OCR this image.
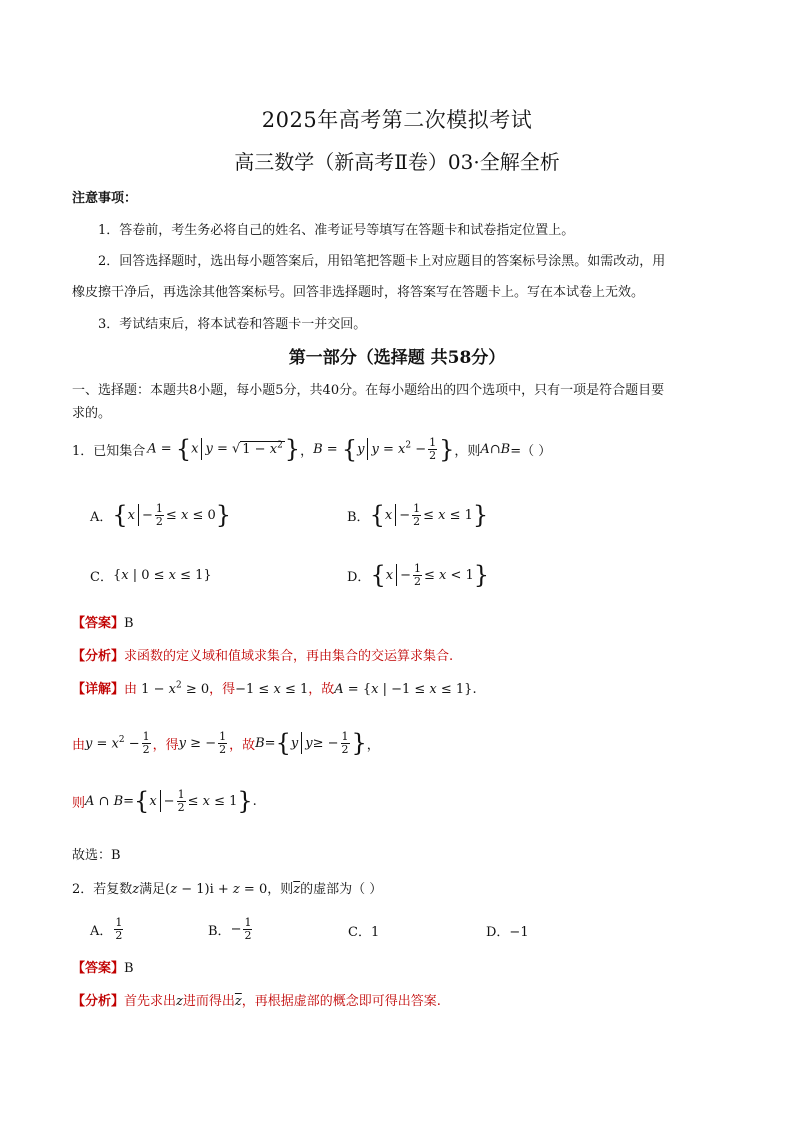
2025年高考第二次模拟考试
高三数学（新高考Ⅱ卷）03·全解全析
注意事项：
1．答卷前，考生务必将自己的姓名、准考证号等填写在答题卡和试卷指定位置上。
2．回答选择题时，选出每小题答案后，用铅笔把答题卡上对应题目的答案标号涂黑。如需改动，用
橡皮擦干净后，再选涂其他答案标号。回答非选择题时，将答案写在答题卡上。写在本试卷上无效。
3．考试结束后，将本试卷和答题卡一并交回。
第一部分（选择题 共58分）
一、选择题：本题共8小题，每小题5分，共40分。在每小题给出的四个选项中，只有一项是符合题目要
求的。
1．已知集合 A = {x y = √ $1 - x^2$} ， B = {y $y = x^2 - \frac{1}{2}$ } ，则 A∩B =（ ）
A． { $x - \frac{1}{2} \le x \le 0$ }	B． { $x - \frac{1}{2} \le x \le 1$ }
C． {x | 0 ≤ x ≤ 1}	D． { $x - \frac{1}{2} \le x < 1$ }
【答案】B
【分析】求函数的定义域和值域求集合，再由集合的交运算求集合.
【详解】由 $1 - x^2 \ge 0$，得−1 ≤ x ≤ 1，故A = {x | −1 ≤ x ≤ 1}.
由 $y = x^2 - \frac{1}{2}$ ，得 y ≥ − $\frac{1}{2}$ ，故 B = { y y ≥ − $\frac{1}{2}$ } ，
则 A ∩ B = { $x - \frac{1}{2} \le x \le 1$ } .
故选：B
2．若复数z满足(z − 1)i + z = 0，则$\overline{z}$的虚部为（ ）
A． $\frac{1}{2}$	B． − $\frac{1}{2}$	C．1	D．−1
【答案】B
【分析】首先求出z进而得出$\overline{z}$，再根据虚部的概念即可得出答案.
